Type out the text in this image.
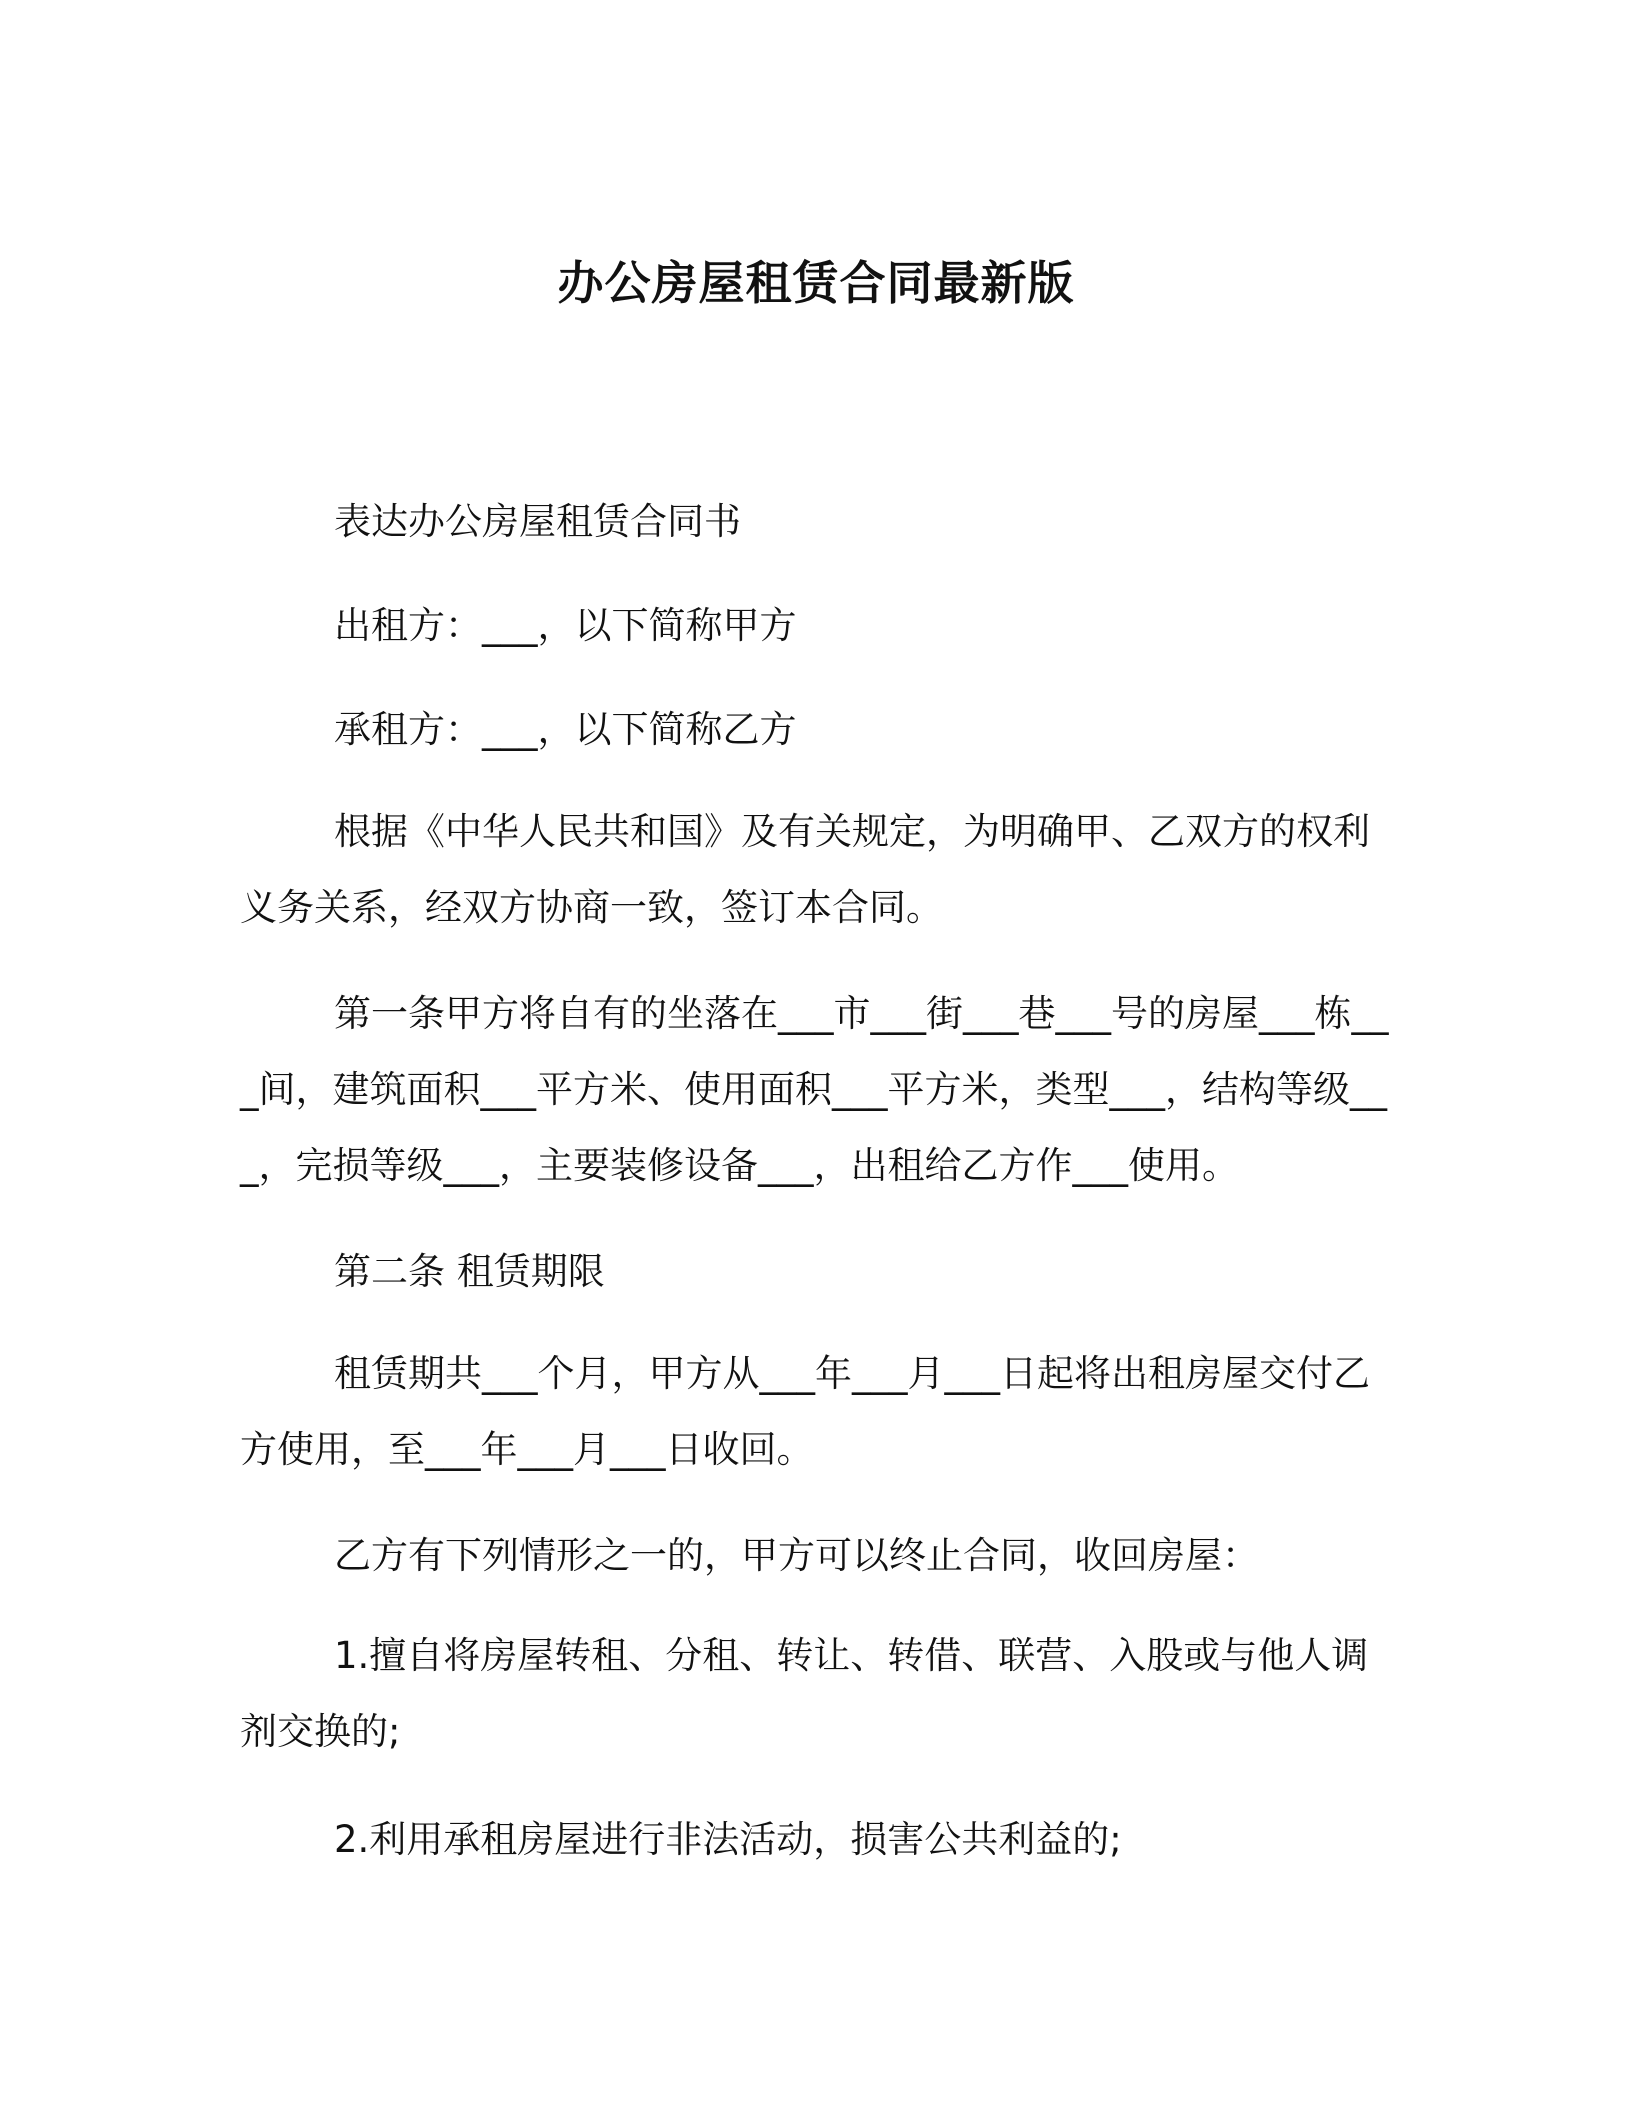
办公房屋租赁合同最新版

表达办公房屋租赁合同书

出租方：___，以下简称甲方

承租方：___，以下简称乙方

根据《中华人民共和国》及有关规定，为明确甲、乙双方的权利义务关系，经双方协商一致，签订本合同。

第一条甲方将自有的坐落在___市___街___巷___号的房屋___栋___间，建筑面积___平方米、使用面积___平方米，类型___，结构等级___，完损等级___，主要装修设备___，出租给乙方作___使用。

第二条 租赁期限

租赁期共___个月，甲方从___年___月___日起将出租房屋交付乙方使用，至___年___月___日收回。

乙方有下列情形之一的，甲方可以终止合同，收回房屋：

1.擅自将房屋转租、分租、转让、转借、联营、入股或与他人调剂交换的;

2.利用承租房屋进行非法活动，损害公共利益的;
